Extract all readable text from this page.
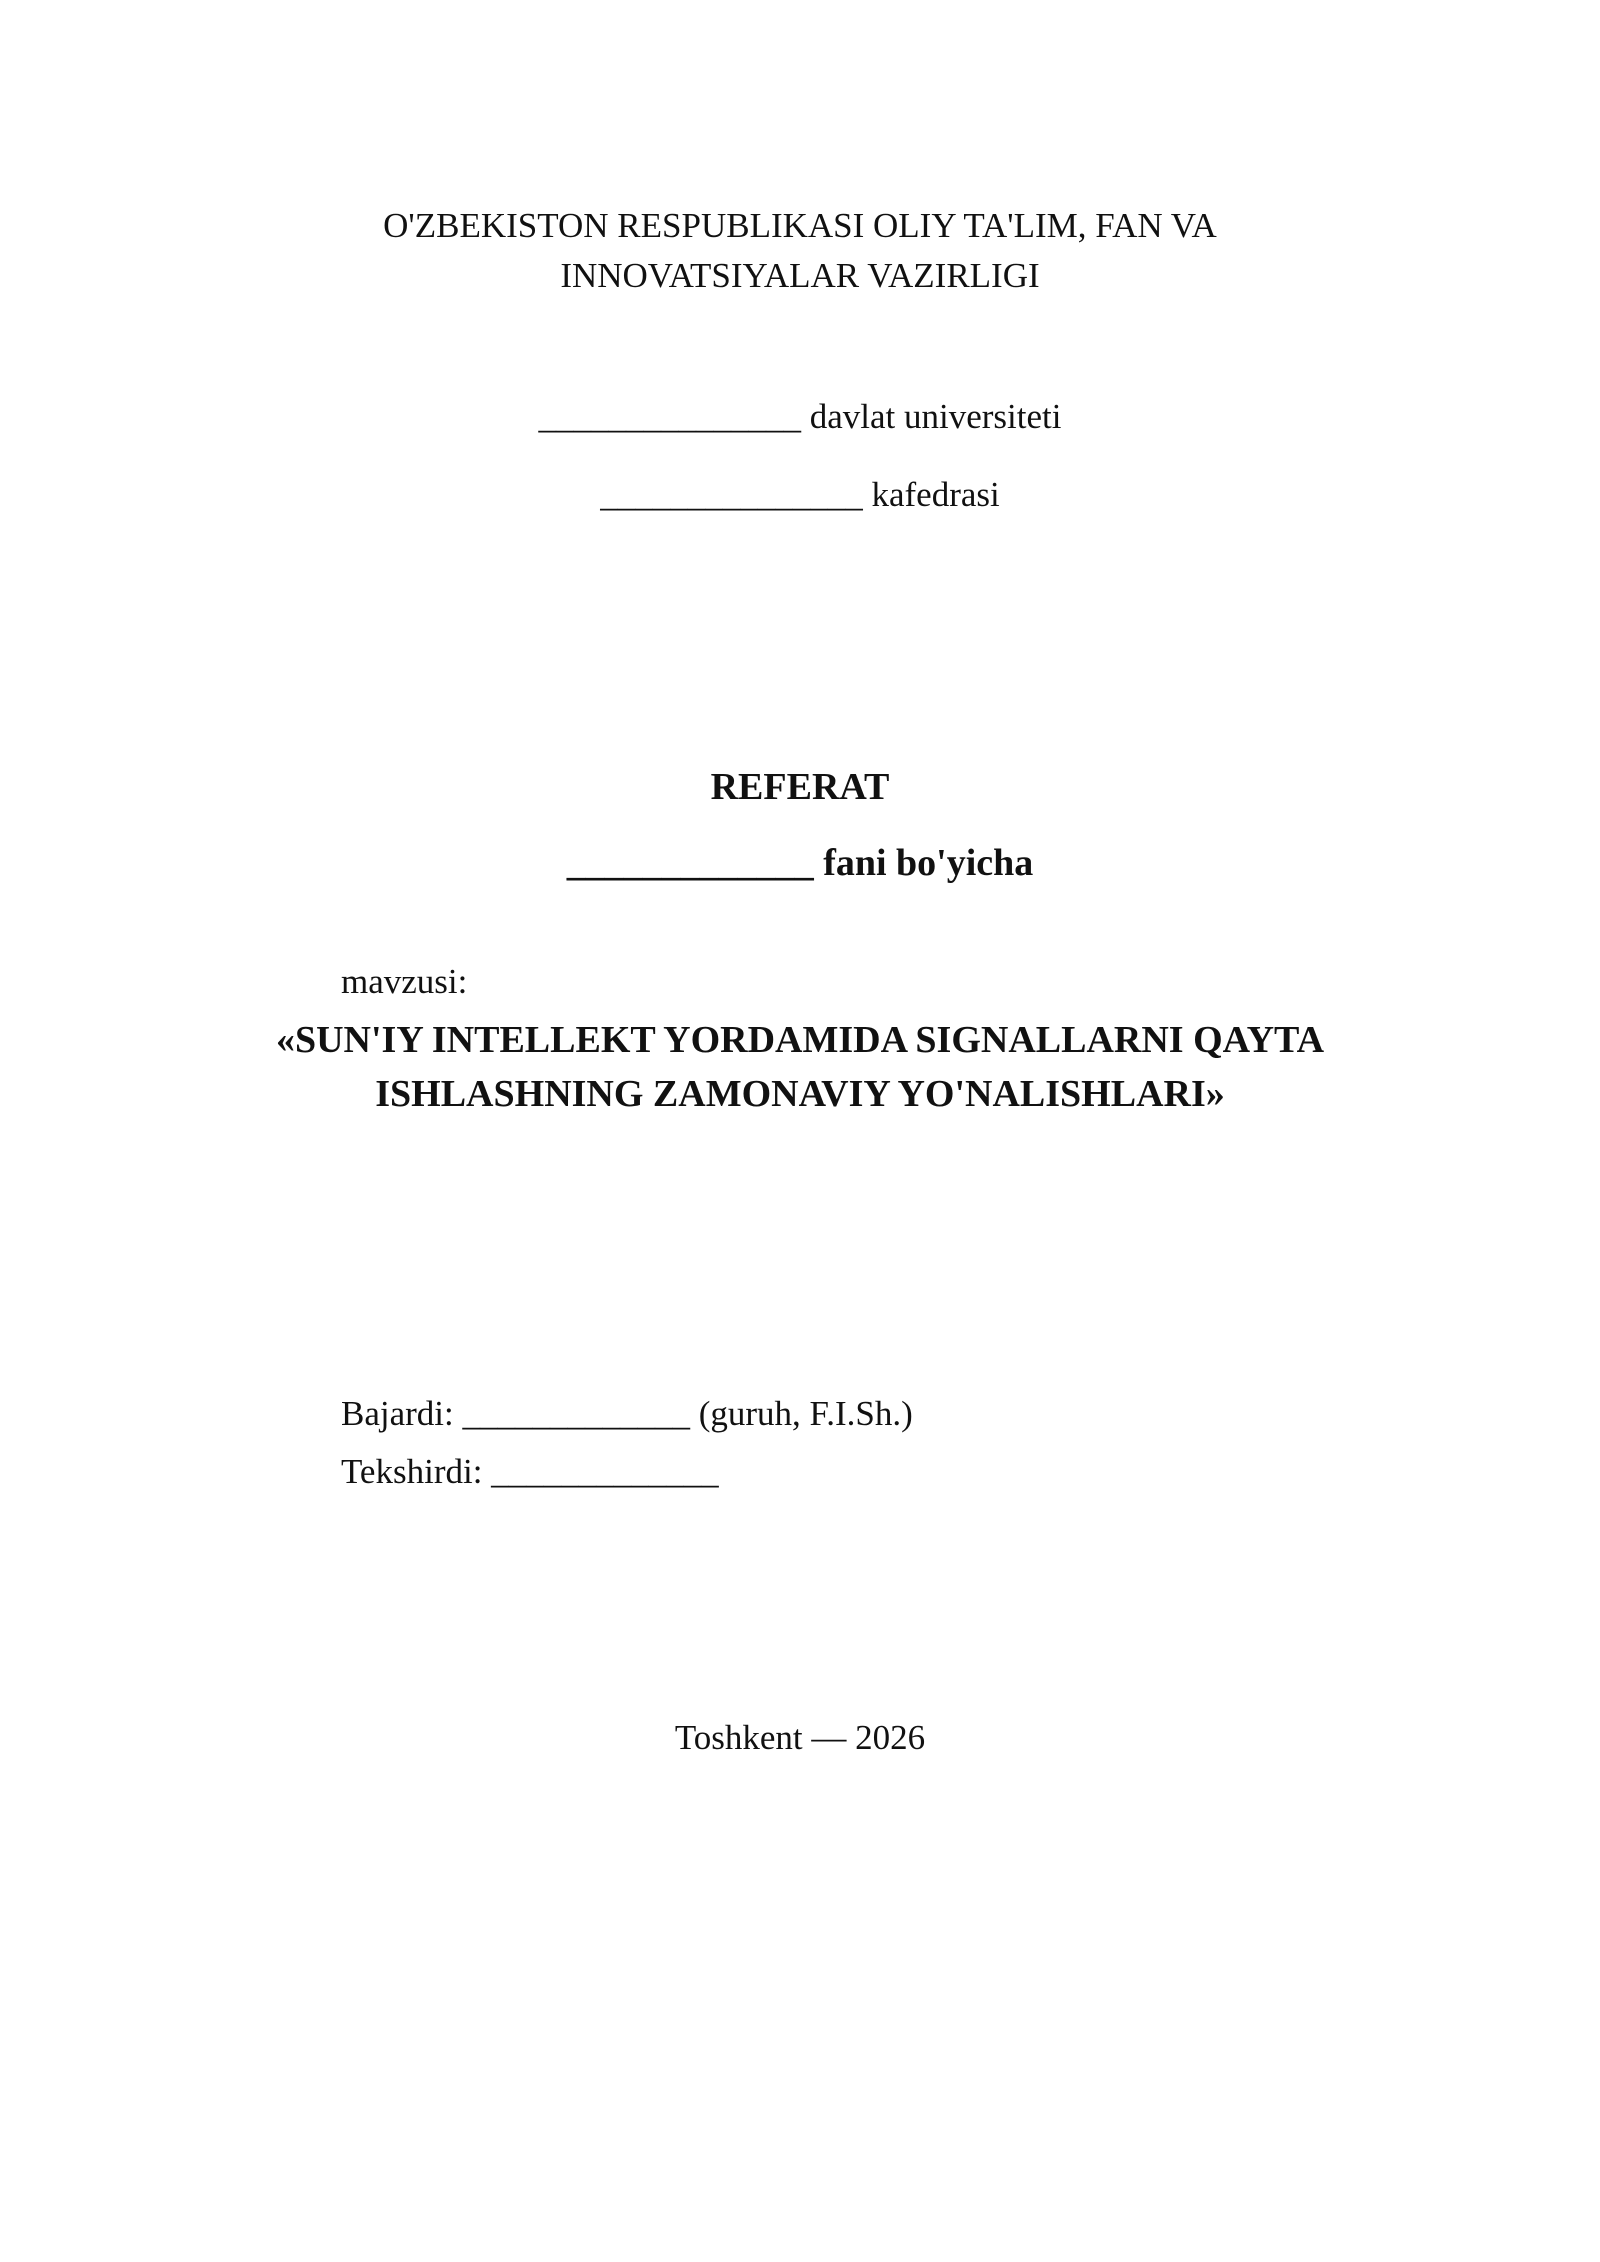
O'ZBEKISTON RESPUBLIKASI OLIY TA'LIM, FAN VA
INNOVATSIYALAR VAZIRLIGI
_______________ davlat universiteti
_______________ kafedrasi
REFERAT
_____________ fani bo'yicha
mavzusi:
«SUN'IY INTELLEKT YORDAMIDA SIGNALLARNI QAYTA
ISHLASHNING ZAMONAVIY YO'NALISHLARI»
Bajardi: _____________ (guruh, F.I.Sh.)
Tekshirdi: _____________
Toshkent — 2026
